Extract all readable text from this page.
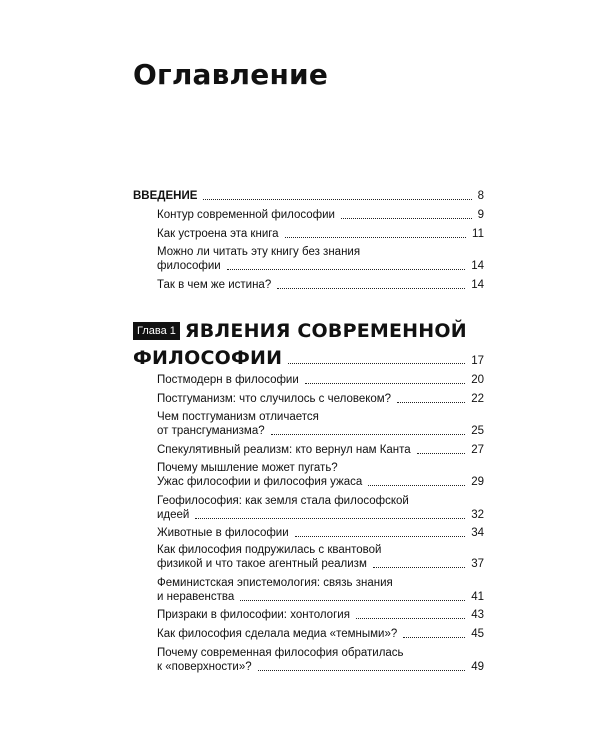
Оглавление
ВВЕДЕНИЕ	8
Контур современной философии	9
Как устроена эта книга	11
Можно ли читать эту книгу без знания
философии	14
Так в чем же истина?	14
Глава 1 ЯВЛЕНИЯ СОВРЕМЕННОЙ
ФИЛОСОФИИ	17
Постмодерн в философии	20
Постгуманизм: что случилось с человеком?	22
Чем постгуманизм отличается
от трансгуманизма?	25
Спекулятивный реализм: кто вернул нам Канта	27
Почему мышление может пугать?
Ужас философии и философия ужаса	29
Геофилософия: как земля стала философской
идеей	32
Животные в философии	34
Как философия подружилась с квантовой
физикой и что такое агентный реализм	37
Феминистская эпистемология: связь знания
и неравенства	41
Призраки в философии: хонтология	43
Как философия сделала медиа «темными»?	45
Почему современная философия обратилась
к «поверхности»?	49
